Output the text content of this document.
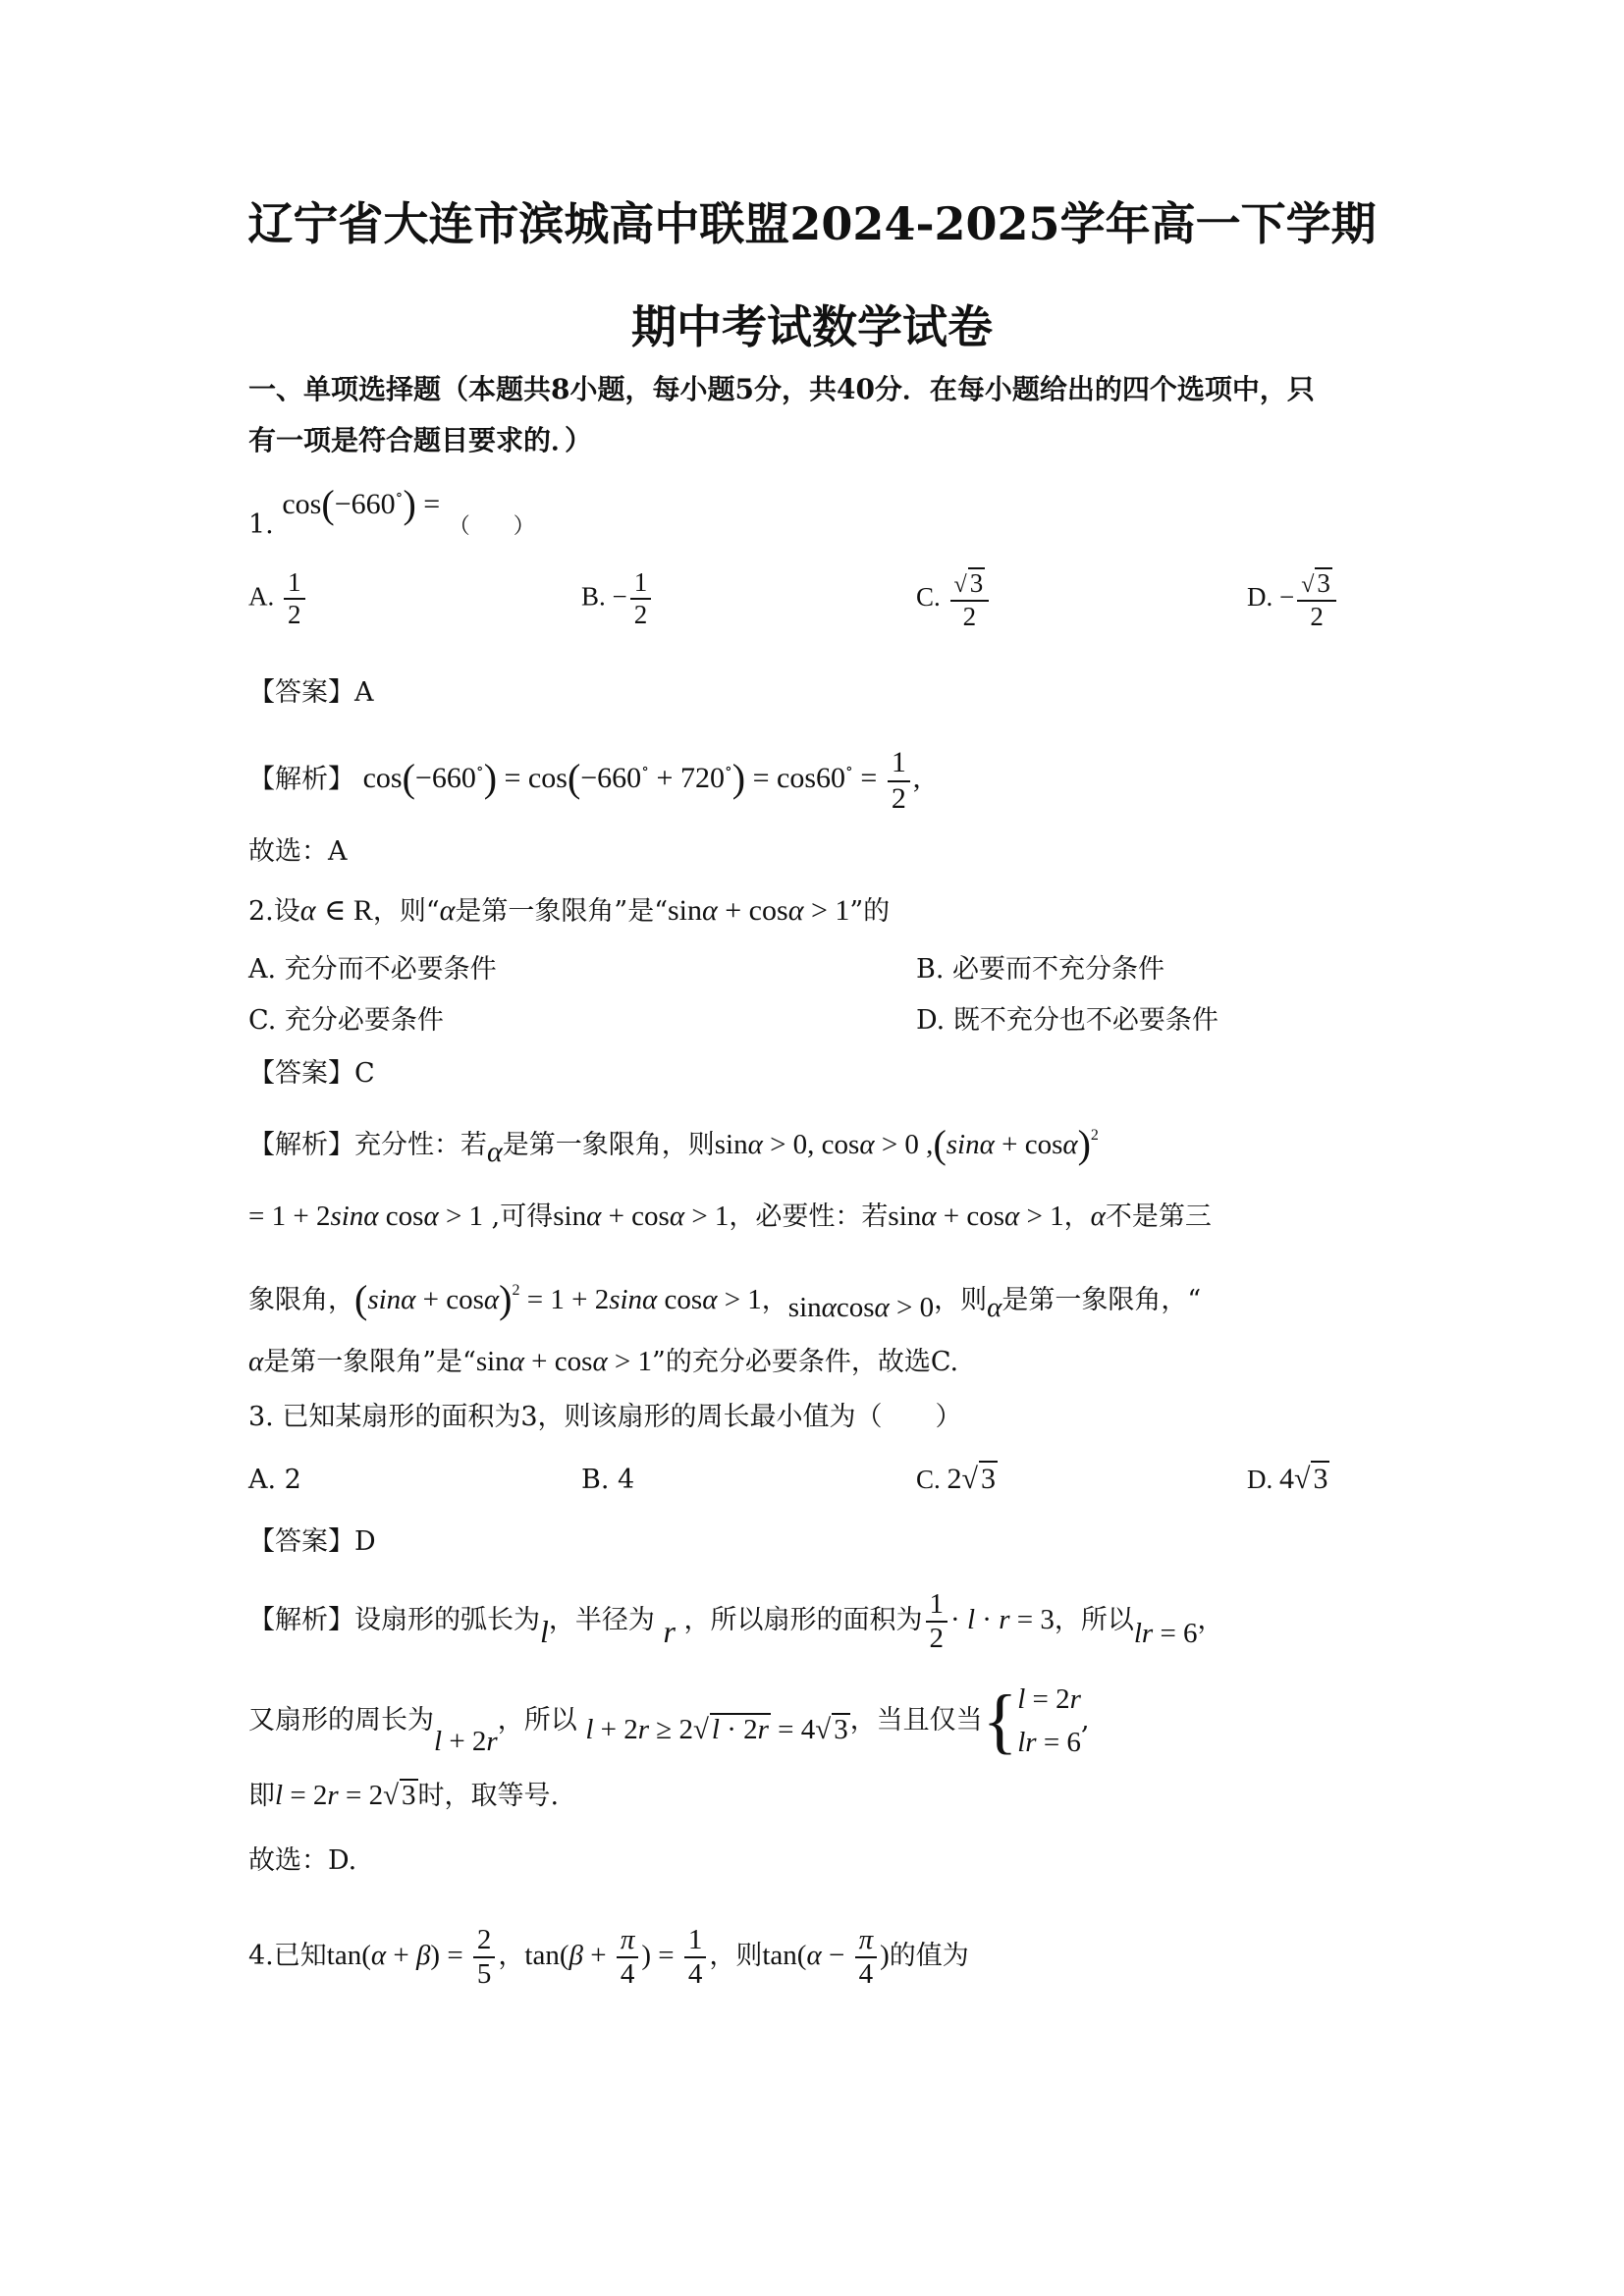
辽宁省大连市滨城高中联盟2024-2025学年高一下学期
期中考试数学试卷
一、单项选择题（本题共8小题，每小题5分，共40分．在每小题给出的四个选项中，只
有一项是符合题目要求的．）
1. cos(−660∘) = $_{( )}$
A. $\frac{1}{2}$	B. − $\frac{1}{2}$	C. $\frac{√ 3}{2}$	D. − $\frac{√ 3}{2}$
【答案】A
【解析】 $\cos(-660^\circ) = \cos(-660^\circ + 720^\circ) = \cos 60^\circ = \frac{1}{2}$ ,
故选：A
2.设α ∈ R，则“α是第一象限角”是“sinα + cosα > 1”的
A. 充分而不必要条件	B. 必要而不充分条件
C. 充分必要条件	D. 既不充分也不必要条件
【答案】C
【解析】充分性：若α是第一象限角，则sinα > 0, cosα > 0 $,(\sin\alpha + \cos\alpha)^2$
= 1 + 2sinα cosα > 1 ,可得sinα + cosα > 1，必要性：若sinα + cosα > 1，α不是第三
象限角，$(\sin\alpha + \cos\alpha)^2 = 1 + 2\sin\alpha$ cosα > 1，sinαcosα > 0，则α是第一象限角，“
α是第一象限角”是“sinα + cosα > 1”的充分必要条件，故选C.
3. 已知某扇形的面积为3，则该扇形的周长最小值为（　　）
A. 2	B. 4	C. 2√ 3	D. 4√ 3
【答案】D
【解析】设扇形的弧长为l，半径为 r ，所以扇形的面积为 $\frac{1}{2} \cdot l \cdot r = 3$，所以lr = 6，
又扇形的周长为l + 2r，所以 l + 2r ≥ 2√ l · 2r = 4√ 3，当且仅当{ l = 2r
lr = 6
,
即l = 2r = 2√ 3时，取等号.
故选：D.
4.已知$\tan(\alpha + \beta) = \frac{2}{5}$ ，$\tan(\beta + \frac{\pi}{4}$ ) = $\frac{1}{4}$ ，则$\tan(\alpha - \frac{\pi}{4}$ )的值为
